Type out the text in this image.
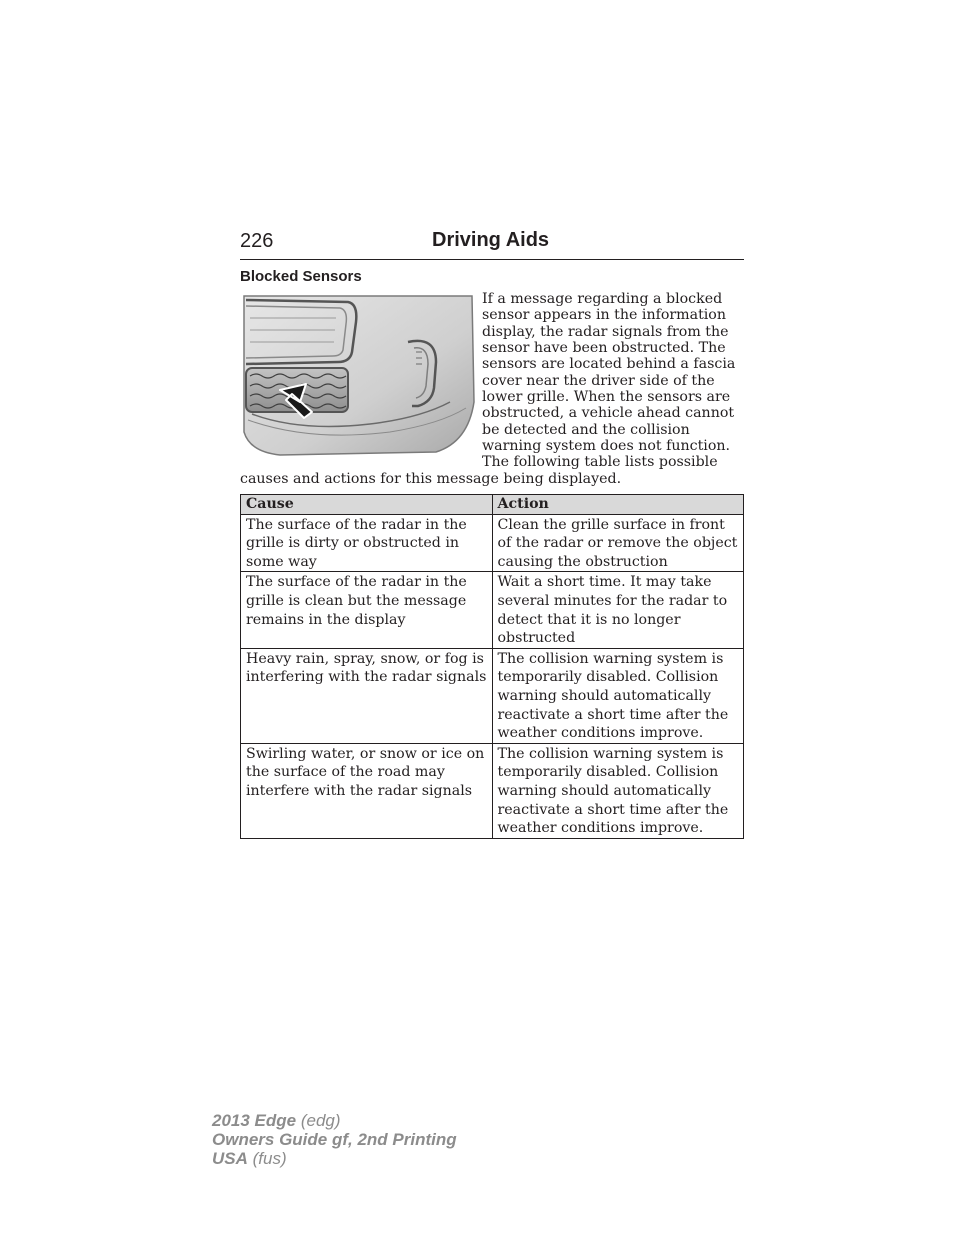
226	Driving Aids
Blocked Sensors

If a message regarding a blocked sensor appears in the information display, the radar signals from the sensor have been obstructed. The sensors are located behind a fascia cover near the driver side of the lower grille. When the sensors are obstructed, a vehicle ahead cannot be detected and the collision warning system does not function. The following table lists possible causes and actions for this message being displayed.

Cause	Action
The surface of the radar in the grille is dirty or obstructed in some way	Clean the grille surface in front of the radar or remove the object causing the obstruction
The surface of the radar in the grille is clean but the message remains in the display	Wait a short time. It may take several minutes for the radar to detect that it is no longer obstructed
Heavy rain, spray, snow, or fog is interfering with the radar signals	The collision warning system is temporarily disabled. Collision warning should automatically reactivate a short time after the weather conditions improve.
Swirling water, or snow or ice on the surface of the road may interfere with the radar signals	The collision warning system is temporarily disabled. Collision warning should automatically reactivate a short time after the weather conditions improve.
2013 Edge (edg)
Owners Guide gf, 2nd Printing
USA (fus)
